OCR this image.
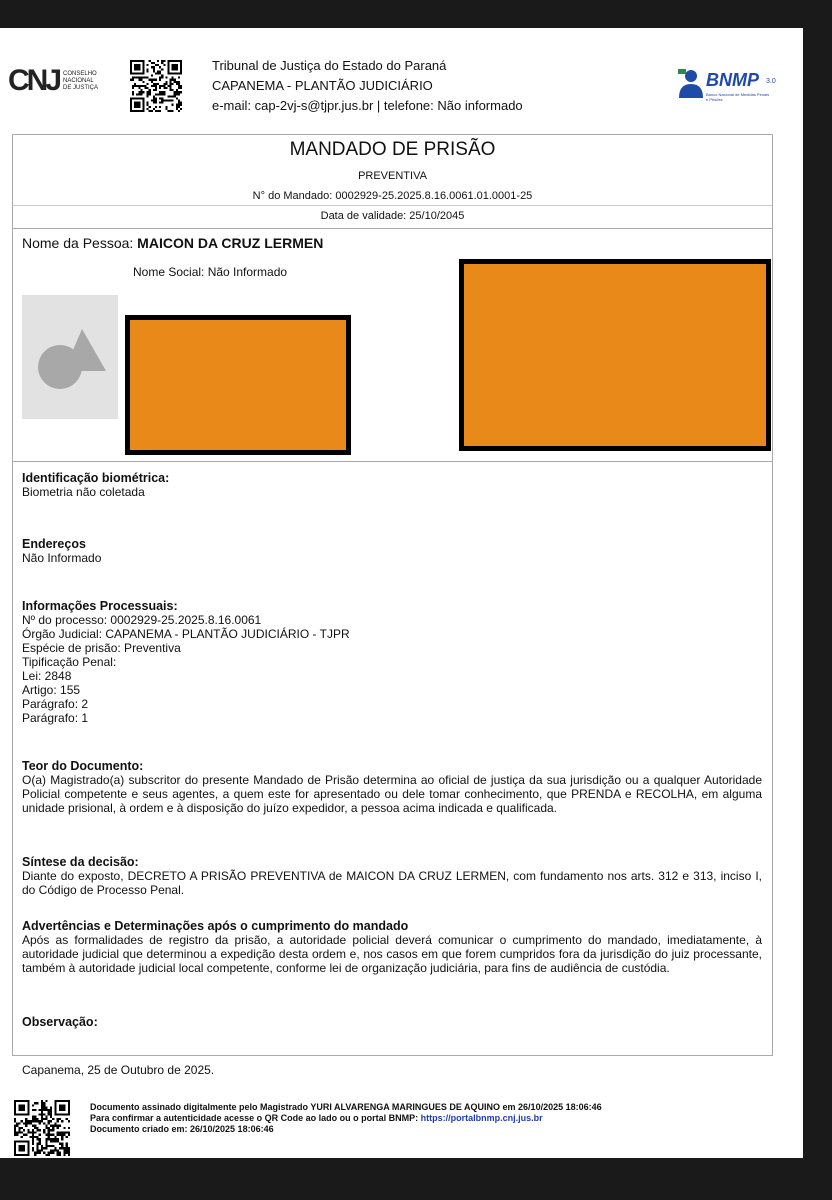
CNJ CONSELHO
NACIONAL
DE JUSTIÇA
Tribunal de Justiça do Estado do Paraná
CAPANEMA - PLANTÃO JUDICIÁRIO
e-mail: cap-2vj-s@tjpr.jus.br | telefone: Não informado
BNMP 3.0
Banco Nacional de Medidas Penais e Prisões
MANDADO DE PRISÃO
PREVENTIVA
N° do Mandado: 0002929-25.2025.8.16.0061.01.0001-25
Data de validade: 25/10/2045
Nome da Pessoa: MAICON DA CRUZ LERMEN
Nome Social: Não Informado
Identificação biométrica:
Biometria não coletada
Endereços
Não Informado
Informações Processuais:
Nº do processo: 0002929-25.2025.8.16.0061
Órgão Judicial: CAPANEMA - PLANTÃO JUDICIÁRIO - TJPR
Espécie de prisão: Preventiva
Tipificação Penal:
Lei: 2848
Artigo: 155
Parágrafo: 2
Parágrafo: 1
Teor do Documento:

O(a) Magistrado(a) subscritor do presente Mandado de Prisão determina ao oficial de justiça da sua jurisdição ou a qualquer Autoridade Policial competente e seus agentes, a quem este for apresentado ou dele tomar conhecimento, que PRENDA e RECOLHA, em alguma unidade prisional, à ordem e à disposição do juízo expedidor, a pessoa acima indicada e qualificada.

Síntese da decisão:

Diante do exposto, DECRETO A PRISÃO PREVENTIVA de MAICON DA CRUZ LERMEN, com fundamento nos arts. 312 e 313, inciso I, do Código de Processo Penal.

Advertências e Determinações após o cumprimento do mandado

Após as formalidades de registro da prisão, a autoridade policial deverá comunicar o cumprimento do mandado, imediatamente, à autoridade judicial que determinou a expedição desta ordem e, nos casos em que forem cumpridos fora da jurisdição do juiz processante, também à autoridade judicial local competente, conforme lei de organização judiciária, para fins de audiência de custódia.

Observação:
Capanema, 25 de Outubro de 2025.
Documento assinado digitalmente pelo Magistrado YURI ALVARENGA MARINGUES DE AQUINO em 26/10/2025 18:06:46
Para confirmar a autenticidade acesse o QR Code ao lado ou o portal BNMP: https://portalbnmp.cnj.jus.br
Documento criado em: 26/10/2025 18:06:46
